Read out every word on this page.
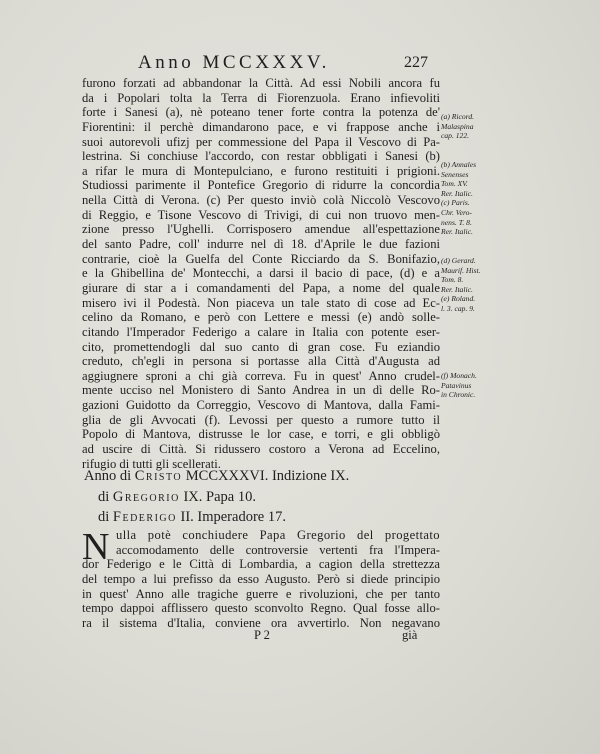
Anno MCCXXXV.	227
furono forzati ad abbandonar la Città. Ad essi Nobili ancora fu
da i Popolari tolta la Terra di Fiorenzuola. Erano infievoliti
forte i Sanesi (a), nè poteano tener forte contra la potenza de'
Fiorentini: il perchè dimandarono pace, e vi frappose anche i
suoi autorevoli ufizj per commessione del Papa il Vescovo di Pa-
lestrina. Si conchiuse l'accordo, con restar obbligati i Sanesi (b)
a rifar le mura di Montepulciano, e furono restituiti i prigioni.
Studiossi parimente il Pontefice Gregorio di ridurre la concordia
nella Città di Verona. (c) Per questo inviò colà Niccolò Vescovo
di Reggio, e Tisone Vescovo di Trivigi, di cui non truovo men-
zione presso l'Ughelli. Corrisposero amendue all'espettazione
del santo Padre, coll' indurre nel dì 18. d'Aprile le due fazioni
contrarie, cioè la Guelfa del Conte Ricciardo da S. Bonifazio,
e la Ghibellina de' Montecchi, a darsi il bacio di pace, (d) e a
giurare di star a i comandamenti del Papa, a nome del quale
misero ivi il Podestà. Non piaceva un tale stato di cose ad Ec-
celino da Romano, e però con Lettere e messi (e) andò solle-
citando l'Imperador Federigo a calare in Italia con potente eser-
cito, promettendogli dal suo canto di gran cose. Fu eziandio
creduto, ch'egli in persona si portasse alla Città d'Augusta ad
aggiugnere sproni a chi già correva. Fu in quest' Anno crudel-
mente ucciso nel Monistero di Santo Andrea in un dì delle Ro-
gazioni Guidotto da Correggio, Vescovo di Mantova, dalla Fami-
glia de gli Avvocati (f). Levossi per questo a rumore tutto il
Popolo di Mantova, distrusse le lor case, e torri, e gli obbligò
ad uscire di Città. Si ridussero costoro a Verona ad Eccelino,
rifugio di tutti gli scellerati.
(a) Ricord.
Malaspina
cap. 122.
(b) Annales
Senenses
Tom. XV.
Rer. Italic.
(c) Paris.
Chr. Vero-
nens. T. 8.
Rer. Italic.
(d) Gerard.
Maurif. Hist.
Tom. 8.
Rer. Italic.
(e) Roland.
l. 3. cap. 9.
(f) Monach.
Patavinus
in Chronic.
Anno di Cristo MCCXXXVI. Indizione IX.
di Gregorio IX. Papa 10.
di Federigo II. Imperadore 17.
N ulla potè conchiudere Papa Gregorio del progettato
accomodamento delle controversie vertenti fra l'Impera-
dor Federigo e le Città di Lombardia, a cagion della strettezza
del tempo a lui prefisso da esso Augusto. Però si diede principio
in quest' Anno alle tragiche guerre e rivoluzioni, che per tanto
tempo dappoi afflissero questo sconvolto Regno. Qual fosse allo-
ra il sistema d'Italia, conviene ora avvertirlo. Non negavano
P 2	già
